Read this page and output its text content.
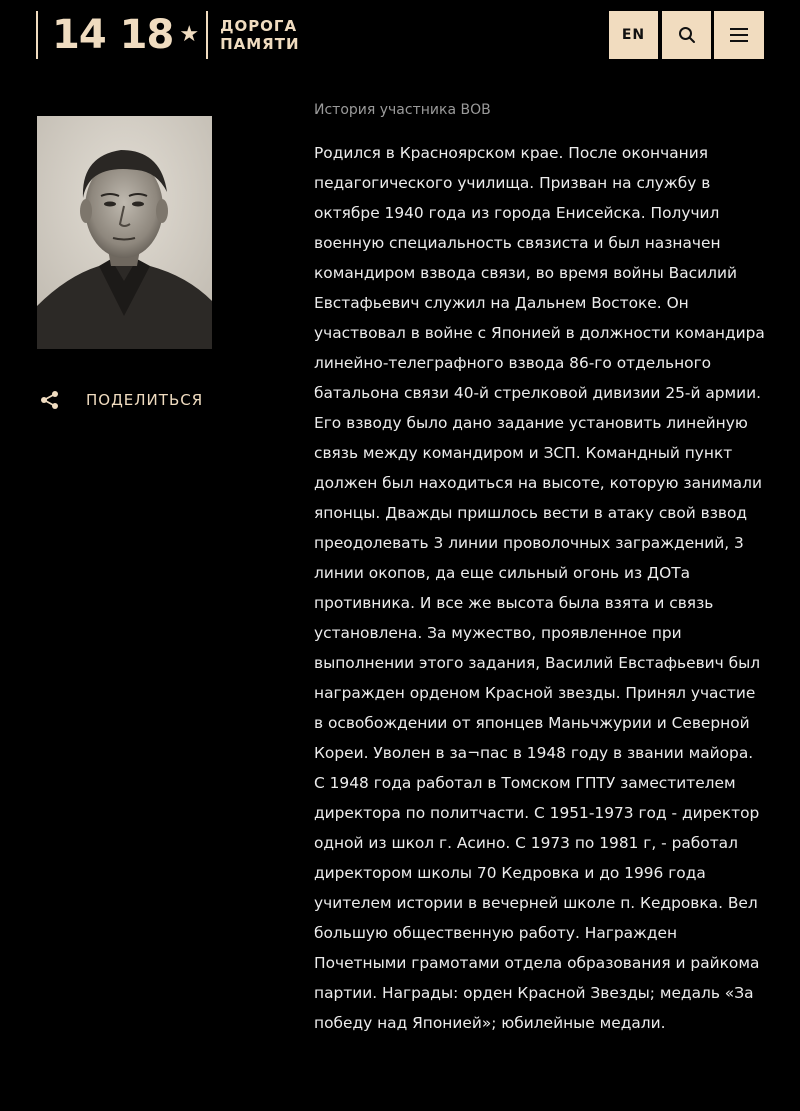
14 18 ★ ДОРОГА
ПАМЯТИ	EN
ПОДЕЛИТЬСЯ
История участника ВОВ

Родился в Красноярском крае. После окончания педагогического училища. Призван на службу в октябре 1940 года из города Енисейска. Получил военную специальность связиста и был назначен командиром взвода связи, во время войны Василий Евстафьевич служил на Дальнем Востоке. Он участвовал в войне с Японией в должности командира линейно-телеграфного взвода 86-го отдельного батальона связи 40-й стрелковой дивизии 25-й армии. Его взводу было дано задание установить линейную связь между командиром и ЗСП. Командный пункт должен был находиться на высоте, которую занимали японцы. Дважды пришлось вести в атаку свой взвод преодолевать 3 линии проволочных заграждений, 3 линии окопов, да еще сильный огонь из ДОТа противника. И все же высота была взята и связь установлена. За мужество, проявленное при выполнении этого задания, Василий Евстафьевич был награжден орденом Красной звезды. Принял участие в освобождении от японцев Маньчжурии и Северной Кореи. Уволен в за¬пас в 1948 году в звании майора. С 1948 года работал в Томском ГПТУ заместителем директора по политчасти. С 1951-1973 год - директор одной из школ г. Асино. С 1973 по 1981 г, - работал директором школы 70 Кедровка и до 1996 года учителем истории в вечерней школе п. Кедровка. Вел большую общественную работу. Награжден Почетными грамотами отдела образования и райкома партии. Награды: орден Красной Звезды; медаль «За победу над Японией»; юбилейные медали.
